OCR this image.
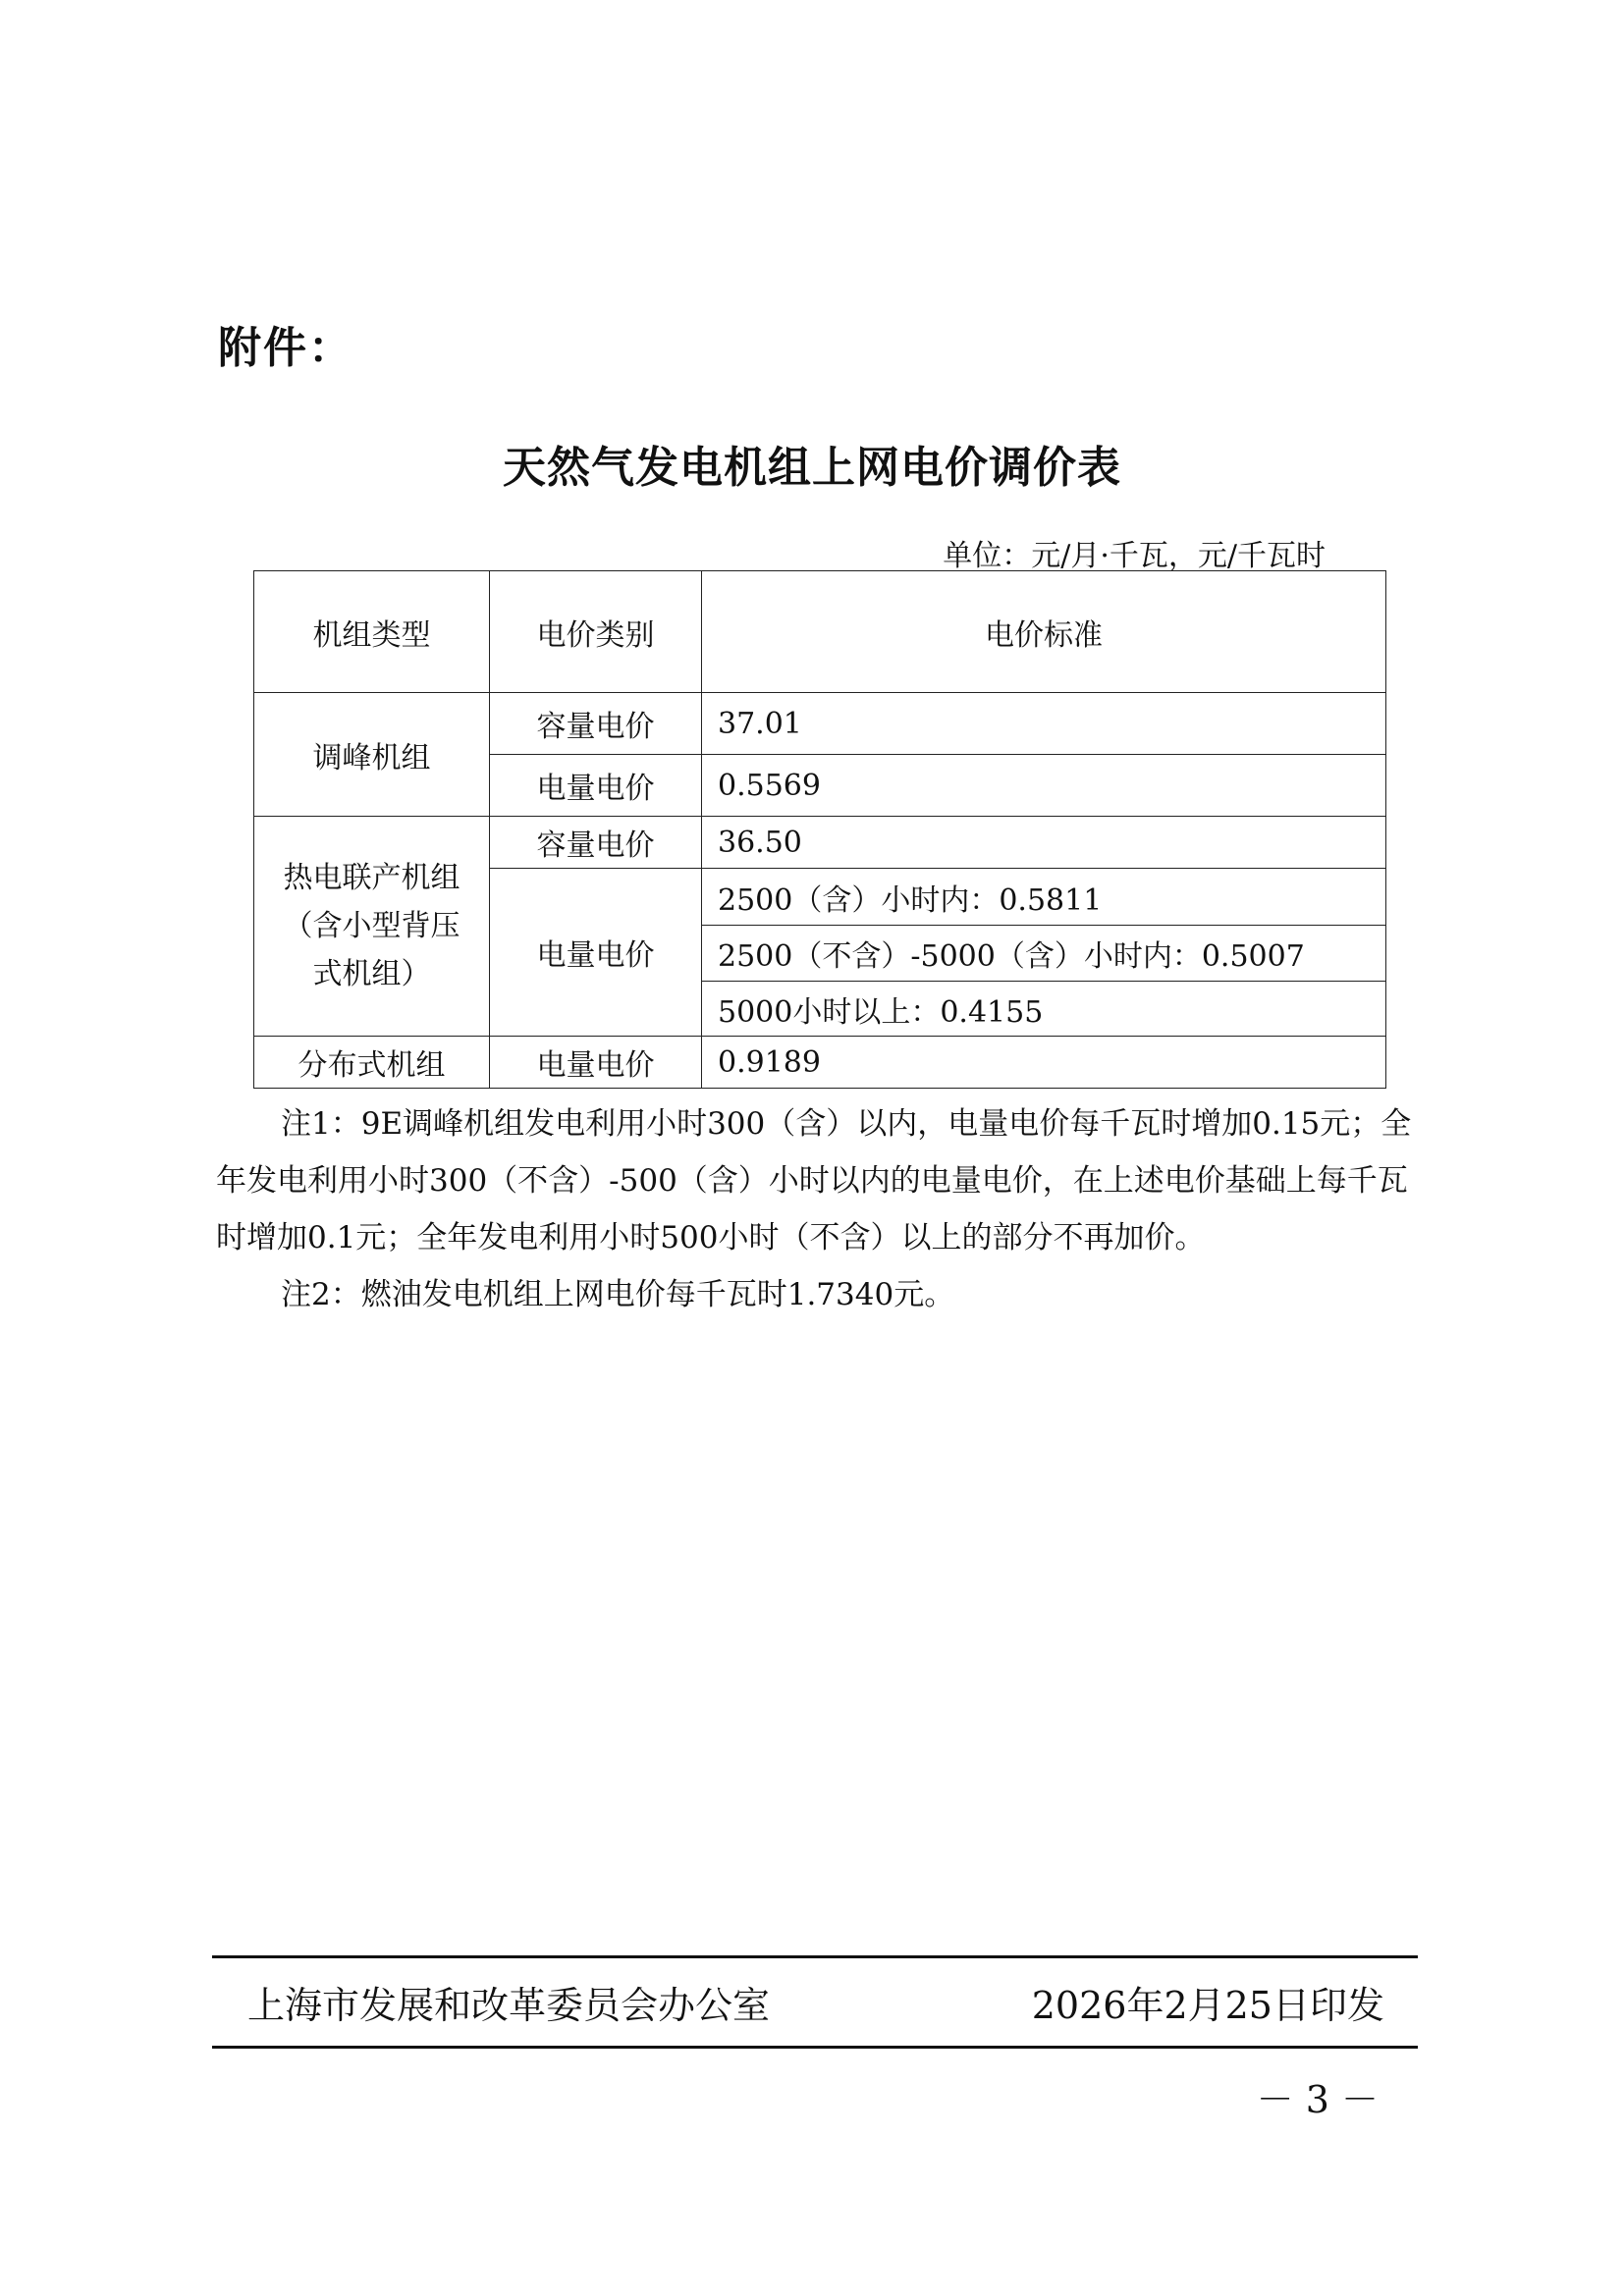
附件：
天然气发电机组上网电价调价表
单位：元/月·千瓦，元/千瓦时
机组类型	电价类别	电价标准
调峰机组	容量电价	37.01
	电量电价	0.5569

热电联产机组
（含小型背压
式机组）	容量电价	36.50
	电量电价	2500（含）小时内：0.5811
		2500（不含）-5000（含）小时内：0.5007
		5000小时以上：0.4155
分布式机组	电量电价	0.9189

注1：9E调峰机组发电利用小时300（含）以内，电量电价每千瓦时增加0.15元；全年发电利用小时300（不含）-500（含）小时以内的电量电价，在上述电价基础上每千瓦时增加0.1元；全年发电利用小时500小时（不含）以上的部分不再加价。

注2：燃油发电机组上网电价每千瓦时1.7340元。

上海市发展和改革委员会办公室	2026年2月25日印发
－ 3 －
